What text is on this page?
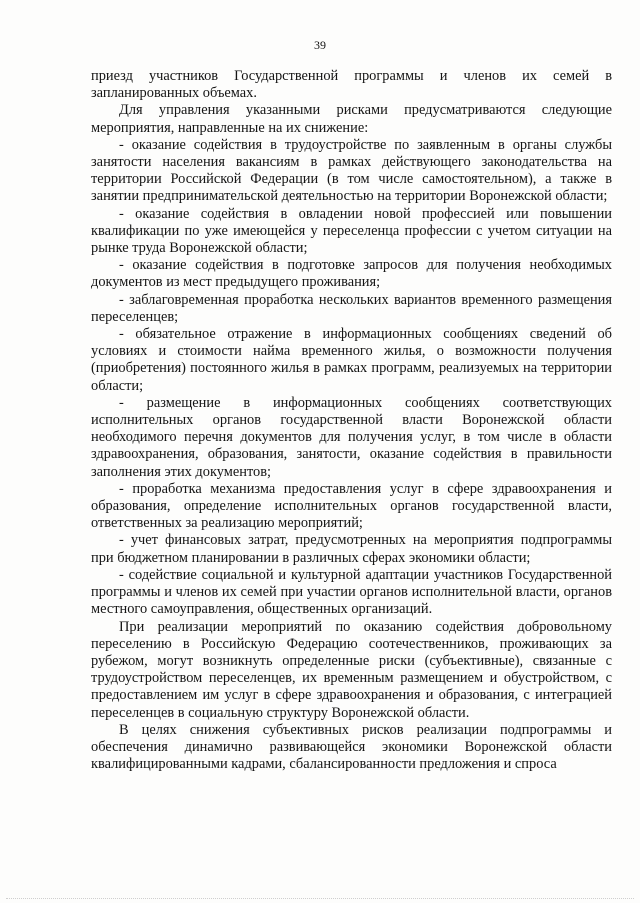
39

приезд участников Государственной программы и членов их семей в запланированных объемах.

Для управления указанными рисками предусматриваются следующие мероприятия, направленные на их снижение:

- оказание содействия в трудоустройстве по заявленным в органы службы занятости населения вакансиям в рамках действующего законодательства на территории Российской Федерации (в том числе самостоятельном), а также в занятии предпринимательской деятельностью на территории Воронежской области;

- оказание содействия в овладении новой профессией или повышении квалификации по уже имеющейся у переселенца профессии с учетом ситуации на рынке труда Воронежской области;

- оказание содействия в подготовке запросов для получения необходимых документов из мест предыдущего проживания;

- заблаговременная проработка нескольких вариантов временного размещения переселенцев;

- обязательное отражение в информационных сообщениях сведений об условиях и стоимости найма временного жилья, о возможности получения (приобретения) постоянного жилья в рамках программ, реализуемых на территории области;

- размещение в информационных сообщениях соответствующих исполнительных органов государственной власти Воронежской области необходимого перечня документов для получения услуг, в том числе в области здравоохранения, образования, занятости, оказание содействия в правильности заполнения этих документов;

- проработка механизма предоставления услуг в сфере здравоохранения и образования, определение исполнительных органов государственной власти, ответственных за реализацию мероприятий;

- учет финансовых затрат, предусмотренных на мероприятия подпрограммы при бюджетном планировании в различных сферах экономики области;

- содействие социальной и культурной адаптации участников Государственной программы и членов их семей при участии органов исполнительной власти, органов местного самоуправления, общественных организаций.

При реализации мероприятий по оказанию содействия добровольному переселению в Российскую Федерацию соотечественников, проживающих за рубежом, могут возникнуть определенные риски (субъективные), связанные с трудоустройством переселенцев, их временным размещением и обустройством, с предоставлением им услуг в сфере здравоохранения и образования, с интеграцией переселенцев в социальную структуру Воронежской области.

В целях снижения субъективных рисков реализации подпрограммы и обеспечения динамично развивающейся экономики Воронежской области квалифицированными кадрами, сбалансированности предложения и спроса
